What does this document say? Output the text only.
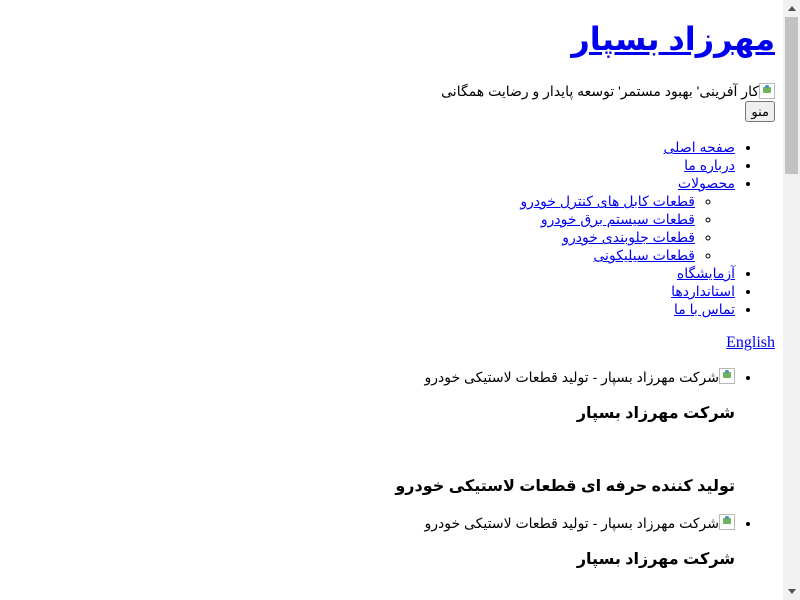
مهرزاد بسپار
کار آفرینی' بهبود مستمر' توسعه پایدار و رضایت همگانی
منو
• صفحه اصلی
• درباره ما
• محصولات
◦ قطعات کابل های کنترل خودرو
◦ قطعات سیستم برق خودرو
◦ قطعات جلوبندی خودرو
◦ قطعات سیلیکونی
• آزمایشگاه
• استانداردها
• تماس با ما
English
• شرکت مهرزاد بسپار - تولید قطعات لاستیکی خودرو
شرکت مهرزاد بسپار
تولید کننده حرفه ای قطعات لاستیکی خودرو
• شرکت مهرزاد بسپار - تولید قطعات لاستیکی خودرو
شرکت مهرزاد بسپار
